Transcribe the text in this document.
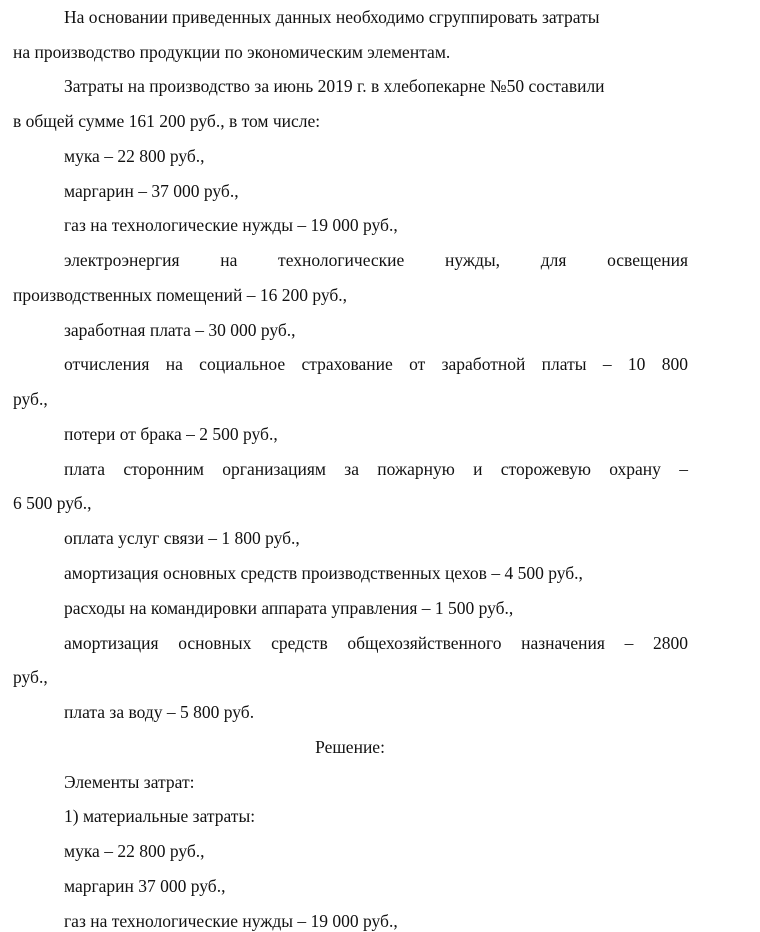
На основании приведенных данных необходимо сгруппировать затраты
на производство продукции по экономическим элементам.
Затраты на производство за июнь 2019 г. в хлебопекарне №50 составили
в общей сумме 161 200 руб., в том числе:
мука – 22 800 руб.,
маргарин – 37 000 руб.,
газ на технологические нужды – 19 000 руб.,
электроэнергия на технологические нужды, для освещения
производственных помещений – 16 200 руб.,
заработная плата – 30 000 руб.,
отчисления на социальное страхование от заработной платы – 10 800
руб.,
потери от брака – 2 500 руб.,
плата сторонним организациям за пожарную и сторожевую охрану –
6 500 руб.,
оплата услуг связи – 1 800 руб.,
амортизация основных средств производственных цехов – 4 500 руб.,
расходы на командировки аппарата управления – 1 500 руб.,
амортизация основных средств общехозяйственного назначения – 2800
руб.,
плата за воду – 5 800 руб.
Решение:
Элементы затрат:
1) материальные затраты:
мука – 22 800 руб.,
маргарин 37 000 руб.,
газ на технологические нужды – 19 000 руб.,
